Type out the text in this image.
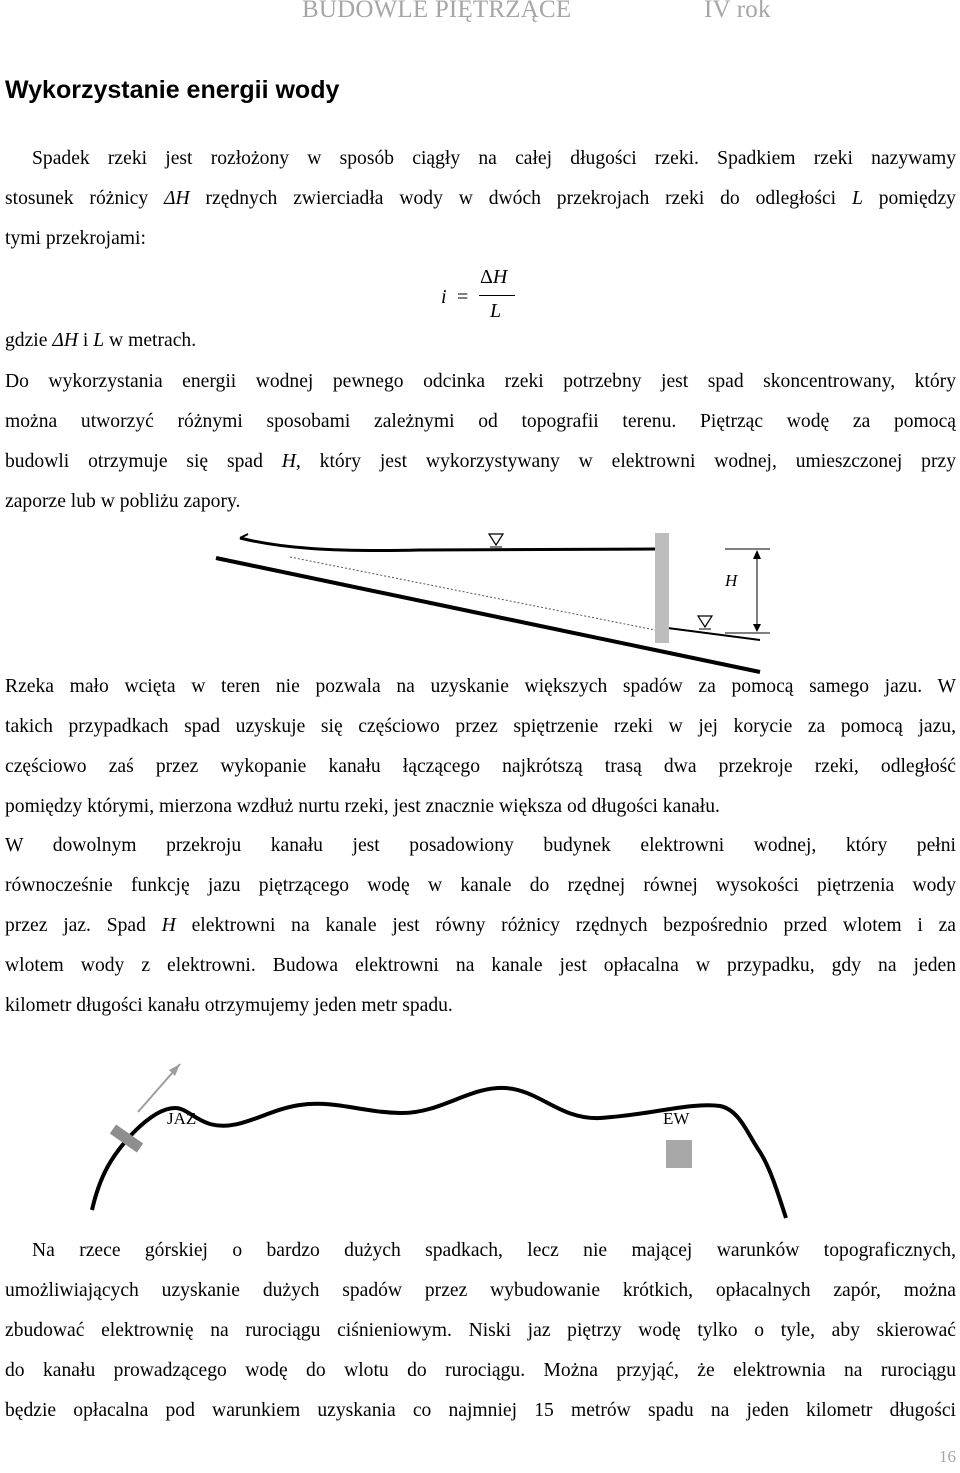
BUDOWLE PIĘTRZĄCE	IV rok
Wykorzystanie energii wody
Spadek rzeki jest rozłożony w sposób ciągły na całej długości rzeki. Spadkiem rzeki nazywamy
stosunek różnicy ΔH rzędnych zwierciadła wody w dwóch przekrojach rzeki do odległości L pomiędzy
tymi przekrojami:
i =
ΔH
L
gdzie ΔH i L w metrach.
Do wykorzystania energii wodnej pewnego odcinka rzeki potrzebny jest spad skoncentrowany, który
można utworzyć różnymi sposobami zależnymi od topografii terenu. Piętrząc wodę za pomocą
budowli otrzymuje się spad H, który jest wykorzystywany w elektrowni wodnej, umieszczonej przy
zaporze lub w pobliżu zapory.
H
Rzeka mało wcięta w teren nie pozwala na uzyskanie większych spadów za pomocą samego jazu. W
takich przypadkach spad uzyskuje się częściowo przez spiętrzenie rzeki w jej korycie za pomocą jazu,
częściowo zaś przez wykopanie kanału łączącego najkrótszą trasą dwa przekroje rzeki, odległość
pomiędzy którymi, mierzona wzdłuż nurtu rzeki, jest znacznie większa od długości kanału.
W dowolnym przekroju kanału jest posadowiony budynek elektrowni wodnej, który pełni
równocześnie funkcję jazu piętrzącego wodę w kanale do rzędnej równej wysokości piętrzenia wody
przez jaz. Spad H elektrowni na kanale jest równy różnicy rzędnych bezpośrednio przed wlotem i za
wlotem wody z elektrowni. Budowa elektrowni na kanale jest opłacalna w przypadku, gdy na jeden
kilometr długości kanału otrzymujemy jeden metr spadu.
JAZ	EW
Na rzece górskiej o bardzo dużych spadkach, lecz nie mającej warunków topograficznych,
umożliwiających uzyskanie dużych spadów przez wybudowanie krótkich, opłacalnych zapór, można
zbudować elektrownię na rurociągu ciśnieniowym. Niski jaz piętrzy wodę tylko o tyle, aby skierować
do kanału prowadzącego wodę do wlotu do rurociągu. Można przyjąć, że elektrownia na rurociągu
będzie opłacalna pod warunkiem uzyskania co najmniej 15 metrów spadu na jeden kilometr długości
16
